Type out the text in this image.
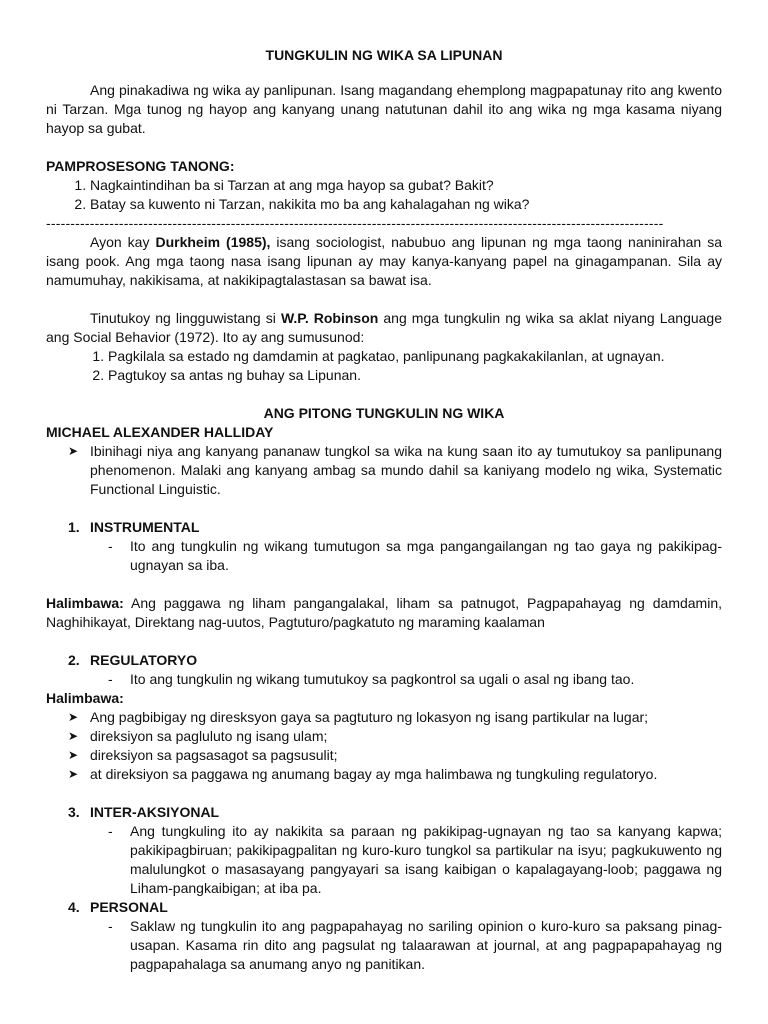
TUNGKULIN NG WIKA SA LIPUNAN

Ang pinakadiwa ng wika ay panlipunan. Isang magandang ehemplong magpapatunay rito ang kwento ni Tarzan. Mga tunog ng hayop ang kanyang unang natutunan dahil ito ang wika ng mga kasama niyang hayop sa gubat.

PAMPROSESONG TANONG:
1. Nagkaintindihan ba si Tarzan at ang mga hayop sa gubat? Bakit?
2. Batay sa kuwento ni Tarzan, nakikita mo ba ang kahalagahan ng wika?
-------------------------------------------------------------------------------------------------------------------------------

Ayon kay Durkheim (1985), isang sociologist, nabubuo ang lipunan ng mga taong naninirahan sa isang pook. Ang mga taong nasa isang lipunan ay may kanya-kanyang papel na ginagampanan. Sila ay namumuhay, nakikisama, at nakikipagtalastasan sa bawat isa.

Tinutukoy ng lingguwistang si W.P. Robinson ang mga tungkulin ng wika sa aklat niyang Language ang Social Behavior (1972). Ito ay ang sumusunod:

1. Pagkilala sa estado ng damdamin at pagkatao, panlipunang pagkakakilanlan, at ugnayan.
2. Pagtukoy sa antas ng buhay sa Lipunan.
ANG PITONG TUNGKULIN NG WIKA
MICHAEL ALEXANDER HALLIDAY
➤ Ibinihagi niya ang kanyang pananaw tungkol sa wika na kung saan ito ay tumutukoy sa panlipunang phenomenon. Malaki ang kanyang ambag sa mundo dahil sa kaniyang modelo ng wika, Systematic Functional Linguistic.
1. INSTRUMENTAL
- Ito ang tungkulin ng wikang tumutugon sa mga pangangailangan ng tao gaya ng pakikipag-ugnayan sa iba.

Halimbawa: Ang paggawa ng liham pangangalakal, liham sa patnugot, Pagpapahayag ng damdamin, Naghihikayat, Direktang nag-uutos, Pagtuturo/pagkatuto ng maraming kaalaman

2. REGULATORYO
- Ito ang tungkulin ng wikang tumutukoy sa pagkontrol sa ugali o asal ng ibang tao.
Halimbawa:
➤ Ang pagbibigay ng diresksyon gaya sa pagtuturo ng lokasyon ng isang partikular na lugar;
➤ direksiyon sa pagluluto ng isang ulam;
➤ direksiyon sa pagsasagot sa pagsusulit;
➤ at direksiyon sa paggawa ng anumang bagay ay mga halimbawa ng tungkuling regulatoryo.
3. INTER-AKSIYONAL
- Ang tungkuling ito ay nakikita sa paraan ng pakikipag-ugnayan ng tao sa kanyang kapwa; pakikipagbiruan; pakikipagpalitan ng kuro-kuro tungkol sa partikular na isyu; pagkukuwento ng malulungkot o masasayang pangyayari sa isang kaibigan o kapalagayang-loob; paggawa ng Liham-pangkaibigan; at iba pa.
4. PERSONAL
- Saklaw ng tungkulin ito ang pagpapahayag no sariling opinion o kuro-kuro sa paksang pinag-usapan. Kasama rin dito ang pagsulat ng talaarawan at journal, at ang pagpapapahayag ng pagpapahalaga sa anumang anyo ng panitikan.
